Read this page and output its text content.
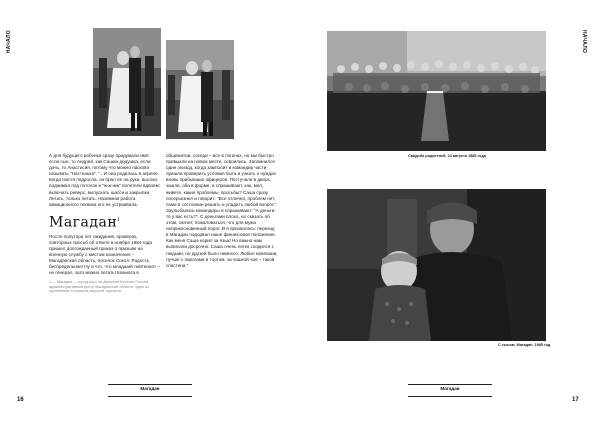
НАЧАЛО

А для будущего ребенка сразу придумали имя: если сын, то Андрей, как Сашин дедушка, если дочь, то Анастасия, потому что можно ласково называть "Настенька". "...И она родилась в апреле. Когда Настя подросла, он брал ее на руки, высоко поднимал под потолок и "ж-ж-жж" полетели вдвоем: включать реверс, выпускать шасси и закрылки. Летать, только летать. Наземная работа авиационного техника его не устраивала.

Магадан$^1$

После полутора лет ожидания, проверок, повторных просьб об ответе в ноябре 1984 года пришел долгожданный приказ о призыве на военную службу с местом назначения – Магаданская область, поселок Сокол. Радость беспредельная! Ну и что, что младший лейтенант – не генерал, зато можно летать! Комната в

1 — Магадан — город-порт на Дальнем Востоке России, административный центр Магаданской области, один из крупнейших в отрасли морской торговли.

общежитии, соседи – все в погонах, но мы быстро привыкли на новом месте, освоились. Запомнился один эпизод, когда замполит и командир части пришли проверить условия быта и узнать о нуждах вновь прибывших офицеров. Постучали в дверь, зашли, оба в форме, и спрашивают, как, мол, живете, какие проблемы, просьбы? Саша сразу посерьезнел и говорит: "Все отлично, проблем нет, сами в состоянии решить и уладить любой вопрос". Заулыбались командиры и спрашивают: "А деньги-то у вас есть?". С деньгами плохо, но сказать об этом, значит, пожаловаться, что для мужа неприкосновенный порог. И я призналась: переезд в Магадан подорвал наше финансовое положение. Как меня Саша корил за язык! Но важно нам выписали досрочно. Саша очень легко сходился с людьми, но друзей было немного. Любил компании, лучше с пирогами и тортом, за чашкой чая – такой спастена."

Магадан
16
НАЧАЛО
Свадьба родителей. 24 августа 1985 года
С сыном. Магадан. 1985 год
Магадан
17
